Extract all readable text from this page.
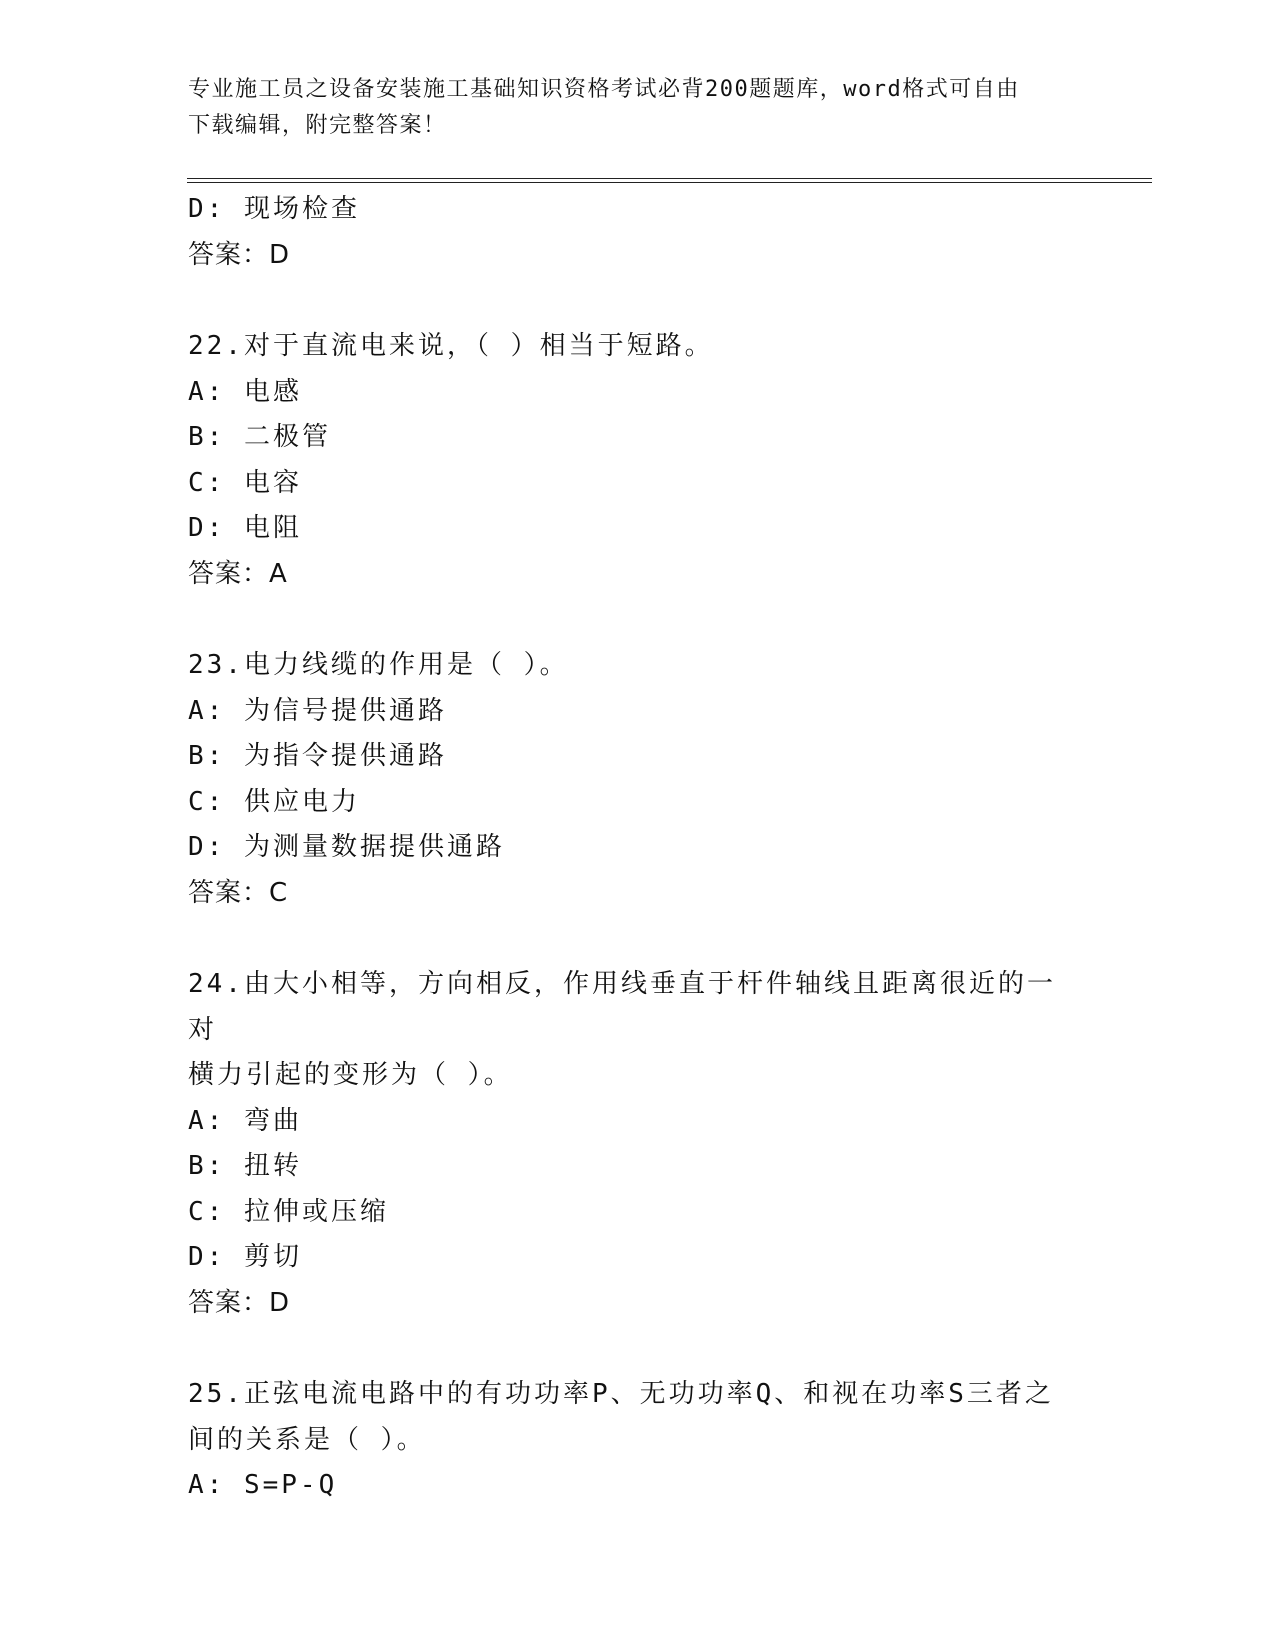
专业施工员之设备安装施工基础知识资格考试必背200题题库，word格式可自由
下载编辑，附完整答案！
D: 现场检查
答案：D
22.对于直流电来说，（ ）相当于短路。
A: 电感
B: 二极管
C: 电容
D: 电阻
答案：A
23.电力线缆的作用是（ ）。
A: 为信号提供通路
B: 为指令提供通路
C: 供应电力
D: 为测量数据提供通路
答案：C
24.由大小相等，方向相反，作用线垂直于杆件轴线且距离很近的一对
横力引起的变形为（ ）。
A: 弯曲
B: 扭转
C: 拉伸或压缩
D: 剪切
答案：D
25.正弦电流电路中的有功功率P、无功功率Q、和视在功率S三者之
间的关系是（ ）。
A: S=P-Q
